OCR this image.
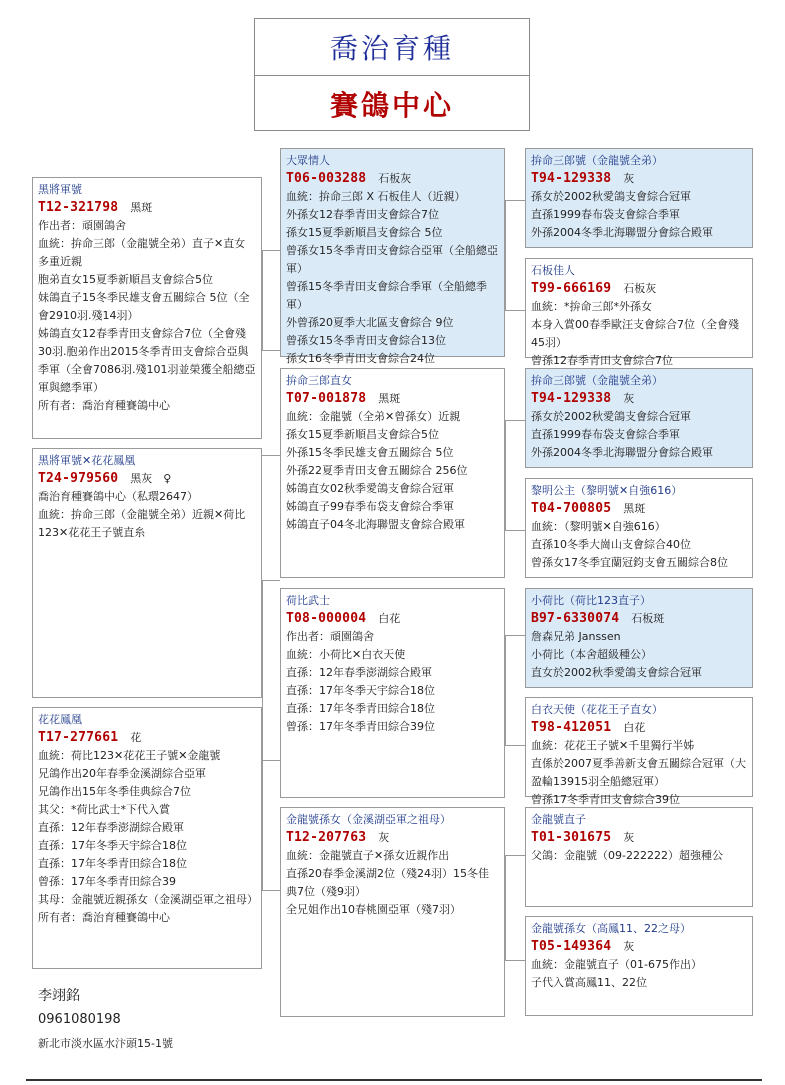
喬治育種
賽鴿中心
黑將軍號
T12-321798 黑斑
作出者：頑園鴿舍
血統：拚命三郎（金龍號全弟）直子✕直女 多重近親
胞弟直女15夏季新順昌支會綜合5位
妹鴿直子15冬季民雄支會五關綜合 5位（全會2910羽.殘14羽）
姊鴿直女12春季青田支會綜合7位（全會殘30羽.胞弟作出2015冬季青田支會綜合亞與季軍（全會7086羽.殘101羽並榮獲全船總亞軍與總季軍）
所有者：喬治育種賽鴿中心
黑將軍號✕花花鳳凰
T24-979560 黑灰　♀
喬治育種賽鴿中心（私環2647）
血統：拚命三郎（金龍號全弟）近親✕荷比123✕花花王子號直糸
花花鳳凰
T17-277661 花
血統：荷比123✕花花王子號✕金龍號
兄鴿作出20年春季金溪湖綜合亞軍
兄鴿作出15年冬季佳典綜合7位
其父：*荷比武士*下代入賞
直孫：12年春季澎湖綜合殿軍
直孫：17年冬季天宇綜合18位
直孫：17年冬季青田綜合18位
曾孫：17年冬季青田綜合39
其母：金龍號近親孫女（金溪湖亞軍之祖母）
所有者：喬治育種賽鴿中心
大眾情人
T06-003288 石板灰
血統：拚命三郎 X 石板佳人（近親）
外孫女12春季青田支會綜合7位
孫女15夏季新順昌支會綜合 5位
曾孫女15冬季青田支會綜合亞軍（全船總亞軍）
曾孫15冬季青田支會綜合季軍（全船總季軍）
外曾孫20夏季大北區支會綜合 9位
曾孫女15冬季青田支會綜合13位
孫女16冬季青田支會綜合24位
拚命三郎直女
T07-001878 黑斑
血統：金龍號（全弟✕曾孫女）近親
孫女15夏季新順昌支會綜合5位
外孫15冬季民雄支會五關綜合 5位
外孫22夏季青田支會五關綜合 256位
姊鴿直女02秋季愛鴿支會綜合冠軍
姊鴿直子99春季布袋支會綜合季軍
姊鴿直子04冬北海聯盟支會綜合殿軍
荷比武士
T08-000004 白花
作出者：頑園鴿舍
血統：小荷比✕白衣天使
直孫：12年春季澎湖綜合殿軍
直孫：17年冬季天宇綜合18位
直孫：17年冬季青田綜合18位
曾孫：17年冬季青田綜合39位
金龍號孫女（金溪湖亞軍之祖母）
T12-207763 灰
血統：金龍號直子✕孫女近親作出
直孫20春季金溪湖2位（殘24羽）15冬佳典7位（殘9羽）
全兄姐作出10春桃園亞軍（殘7羽）
拚命三郎號（金龍號全弟）
T94-129338 灰
孫女於2002秋愛鴿支會綜合冠軍
直孫1999春布袋支會綜合季軍
外孫2004冬季北海聯盟分會綜合殿軍
石板佳人
T99-666169 石板灰
血統：*拚命三郎*外孫女
本身入賞00春季歐汪支會綜合7位（全會殘 45羽）
曾孫12春季青田支會綜合7位
拚命三郎號（金龍號全弟）
T94-129338 灰
孫女於2002秋愛鴿支會綜合冠軍
直孫1999春布袋支會綜合季軍
外孫2004冬季北海聯盟分會綜合殿軍
黎明公主（黎明號✕自強616）
T04-700805 黑斑
血統：（黎明號✕自強616）
直孫10冬季大崗山支會綜合40位
曾孫女17冬季宜蘭冠鈞支會五關綜合8位
小荷比（荷比123直子）
B97-6330074 石板斑
詹森兄弟 Janssen
小荷比（本舍超級種公）
直女於2002秋季愛鴿支會綜合冠軍
白衣天使（花花王子直女）
T98-412051 白花
血統：花花王子號✕千里獨行半姊
直係於2007夏季善新支會五關綜合冠軍（大盈輪13915羽全船總冠軍）
曾孫17冬季青田支會綜合39位
金龍號直子
T01-301675 灰
父鴿：金龍號（09-222222）超強種公
金龍號孫女（高鳳11、22之母）
T05-149364 灰
血統：金龍號直子（01-675作出）
子代入賞高鳳11、22位
李翊銘
0961080198
新北市淡水區水汴頭15-1號
